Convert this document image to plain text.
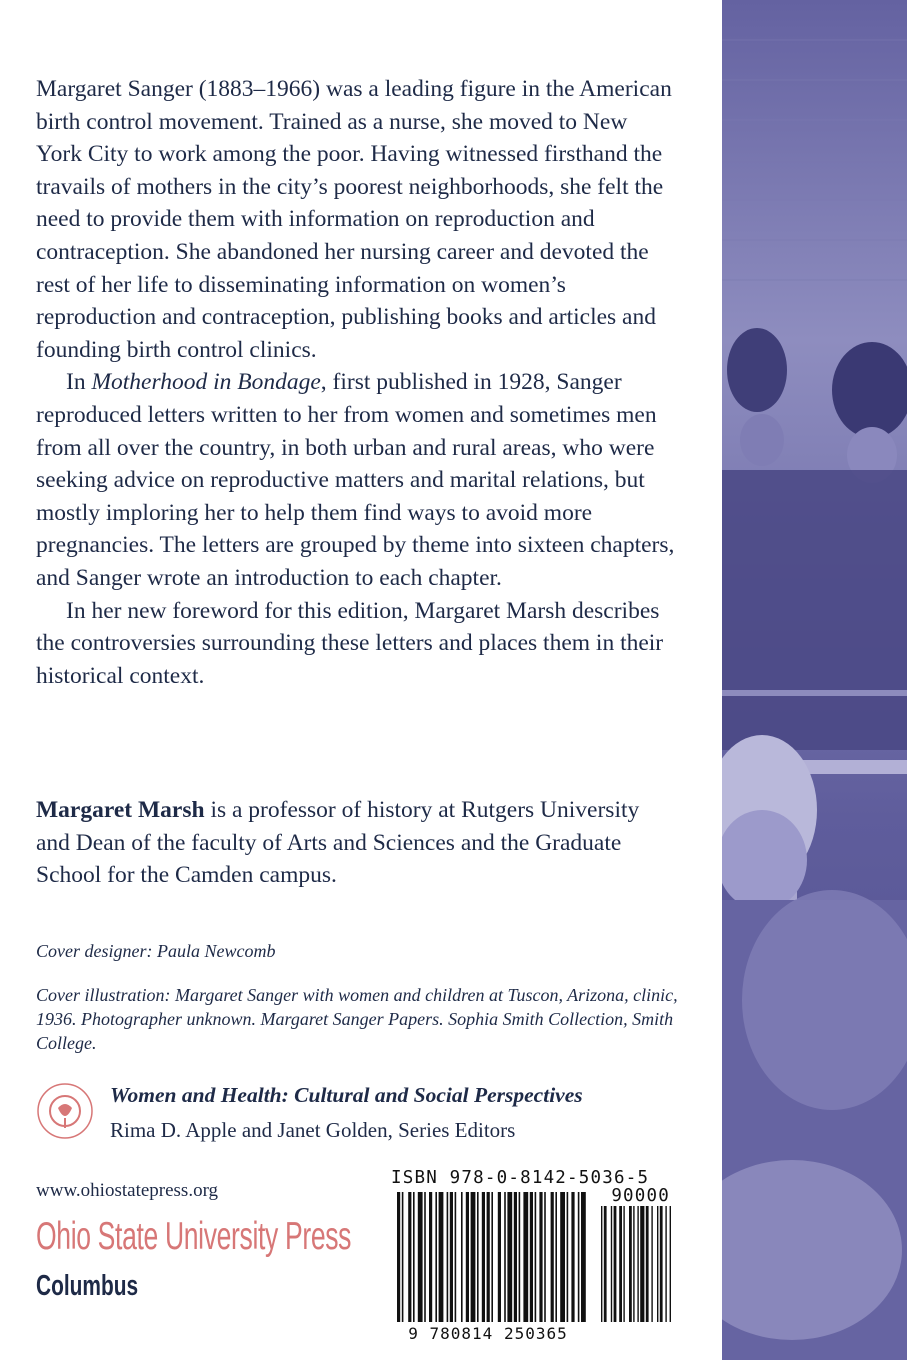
Margaret Sanger (1883–1966) was a leading figure in the American birth control movement. Trained as a nurse, she moved to New York City to work among the poor. Having witnessed firsthand the travails of mothers in the city’s poorest neighborhoods, she felt the need to provide them with information on reproduction and contraception. She abandoned her nursing career and devoted the rest of her life to disseminating information on women’s reproduction and contraception, publishing books and articles and founding birth control clinics.

In Motherhood in Bondage, first published in 1928, Sanger reproduced letters written to her from women and sometimes men from all over the country, in both urban and rural areas, who were seeking advice on reproductive matters and marital relations, but mostly imploring her to help them find ways to avoid more pregnancies. The letters are grouped by theme into sixteen chapters, and Sanger wrote an introduction to each chapter.

In her new foreword for this edition, Margaret Marsh describes the controversies surrounding these letters and places them in their historical context.

Margaret Marsh is a professor of history at Rutgers University and Dean of the faculty of Arts and Sciences and the Graduate School for the Camden campus.

Cover designer: Paula Newcomb

Cover illustration: Margaret Sanger with women and children at Tuscon, Arizona, clinic, 1936. Photographer unknown. Margaret Sanger Papers. Sophia Smith Collection, Smith College.

Women and Health: Cultural and Social Perspectives
Rima D. Apple and Janet Golden, Series Editors
www.ohiostatepress.org
Ohio State University Press
Columbus
ISBN 978-0-8142-5036-5
90000
9 780814 250365
